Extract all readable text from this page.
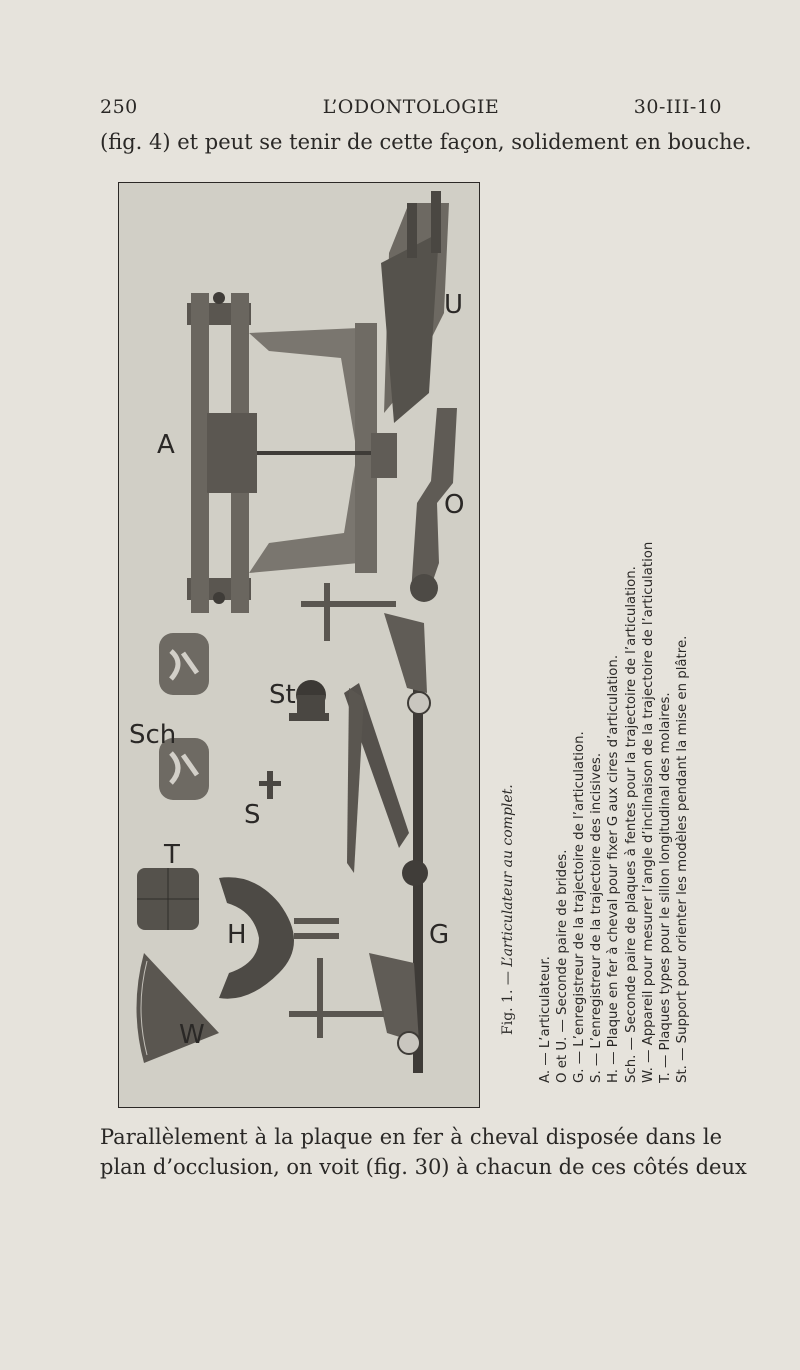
250	L’ODONTOLOGIE	30-III-10
(fig. 4) et peut se tenir de cette façon, solidement en bouche.
A
U
O
Sch
St
S
T
H	G
W	Fig. 1. — L’articulateur au complet.
A. — L’articulateur. O et U. — Seconde paire de brides. G. — L’enregistreur de la trajectoire de l’articulation. S. — L’enregistreur de la trajectoire des incisives. H. — Plaque en fer à cheval pour fixer G aux cires d’articulation. Sch. — Seconde paire de plaques à fentes pour la trajectoire de l’articulation. W. — Appareil pour mesurer l’angle d’inclinaison de la trajectoire de l’articulation T. — Plaques types pour le sillon longitudinal des molaires. St. — Support pour orienter les modèles pendant la mise en plâtre.
Parallèlement à la plaque en fer à cheval disposée dans le
plan d’occlusion, on voit (fig. 30) à chacun de ces côtés deux
